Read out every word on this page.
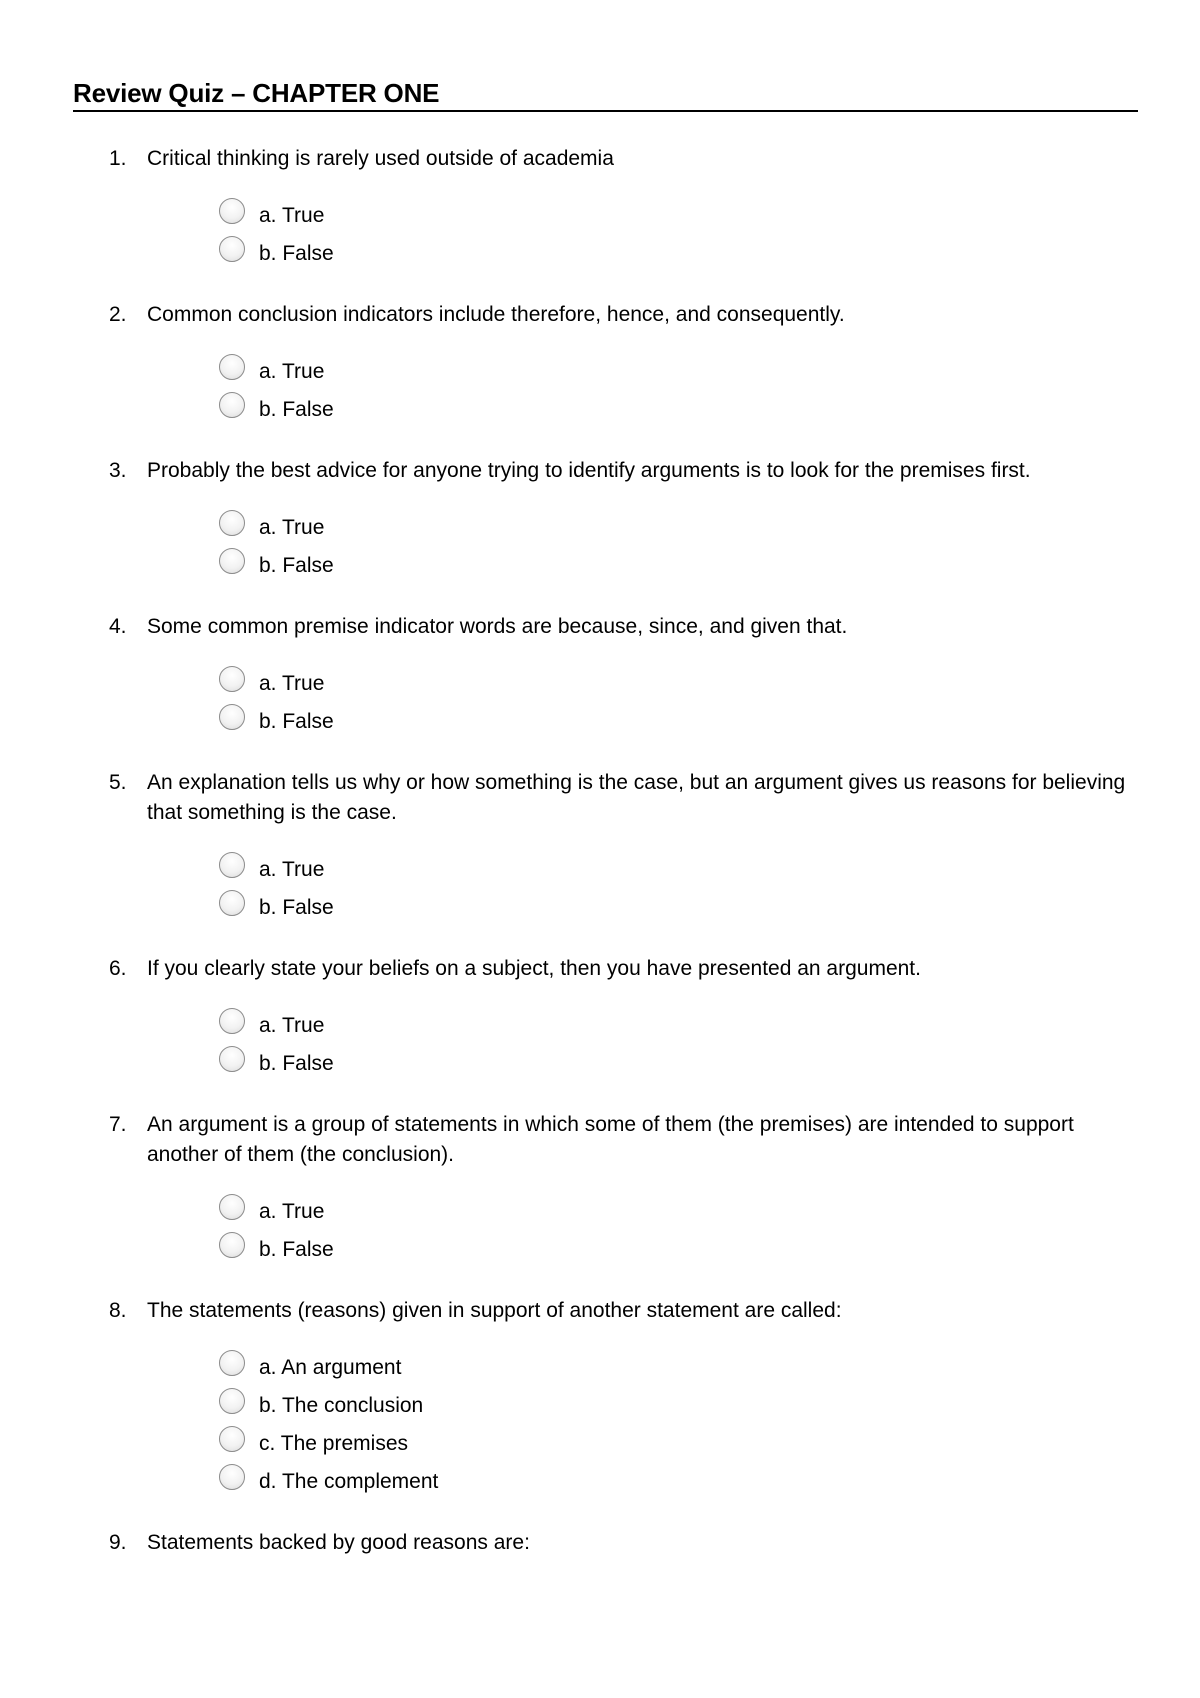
Review Quiz – CHAPTER ONE
1. Critical thinking is rarely used outside of academia
a. True
b. False
2. Common conclusion indicators include therefore, hence, and consequently.
a. True
b. False
3. Probably the best advice for anyone trying to identify arguments is to look for the premises first.
a. True
b. False
4. Some common premise indicator words are because, since, and given that.
a. True
b. False
5. An explanation tells us why or how something is the case, but an argument gives us reasons for believing that something is the case.
a. True
b. False
6. If you clearly state your beliefs on a subject, then you have presented an argument.
a. True
b. False
7. An argument is a group of statements in which some of them (the premises) are intended to support another of them (the conclusion).
a. True
b. False
8. The statements (reasons) given in support of another statement are called:
a. An argument
b. The conclusion
c. The premises
d. The complement
9. Statements backed by good reasons are:
